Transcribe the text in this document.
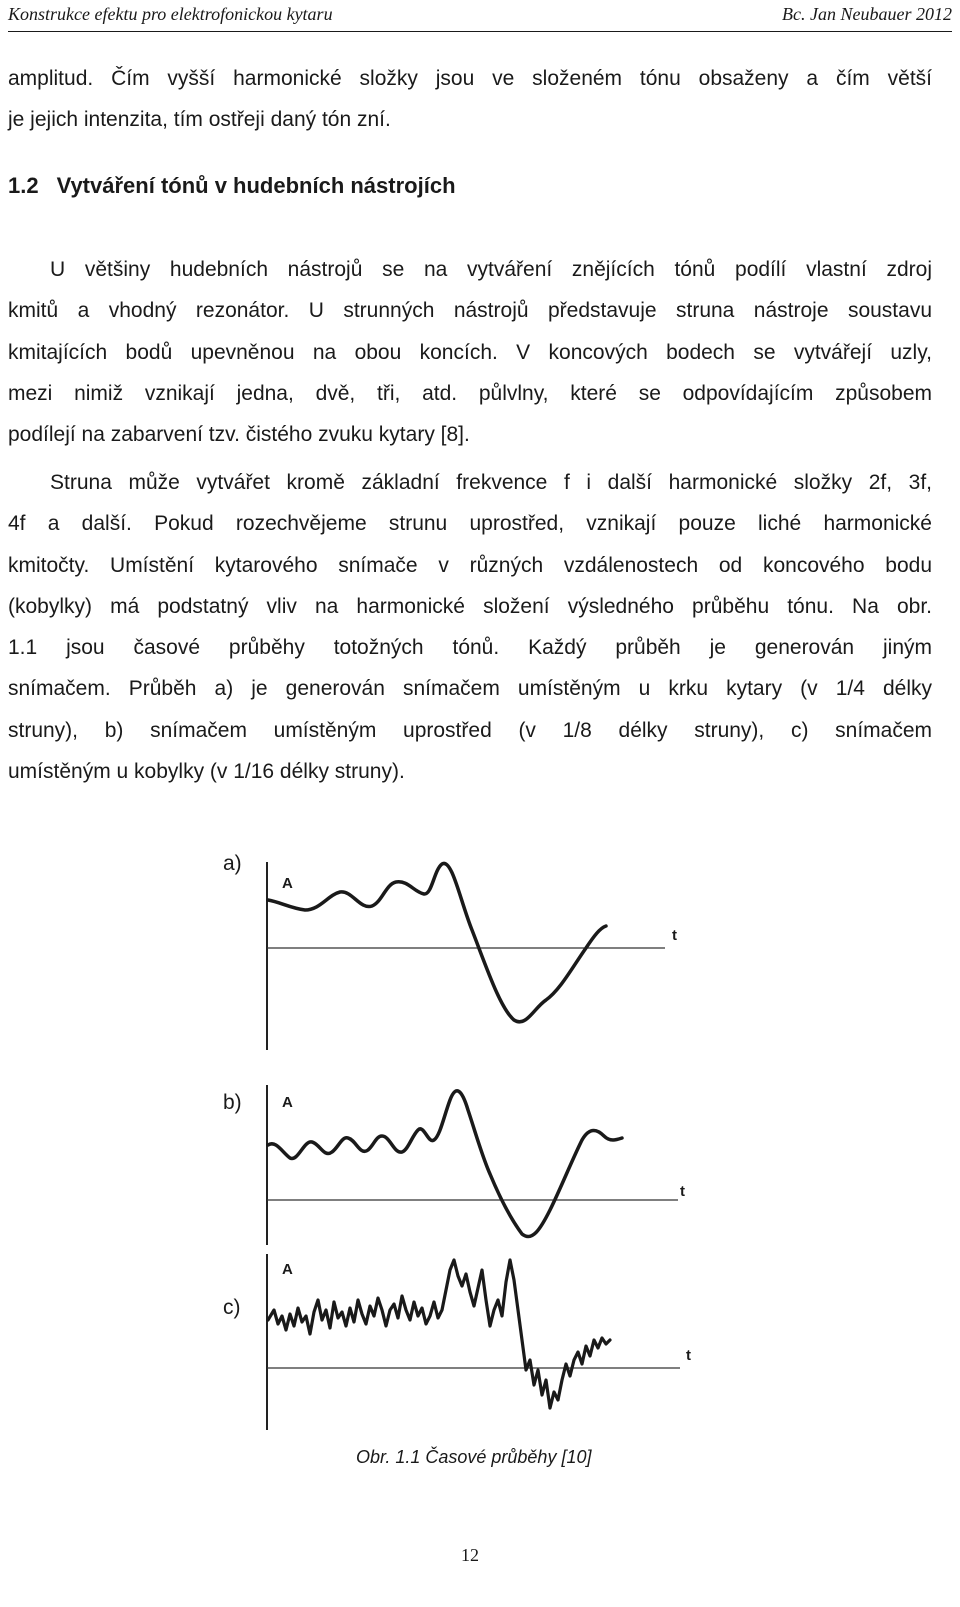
Konstrukce efektu pro elektrofonickou kytaru	Bc. Jan Neubauer 2012
amplitud. Čím vyšší harmonické složky jsou ve složeném tónu obsaženy a čím větší
je jejich intenzita, tím ostřeji daný tón zní.
1.2 Vytváření tónů v hudebních nástrojích
U většiny hudebních nástrojů se na vytváření znějících tónů podílí vlastní zdroj
kmitů a vhodný rezonátor. U strunných nástrojů představuje struna nástroje soustavu
kmitajících bodů upevněnou na obou koncích. V koncových bodech se vytvářejí uzly,
mezi nimiž vznikají jedna, dvě, tři, atd. půlvlny, které se odpovídajícím způsobem
podílejí na zabarvení tzv. čistého zvuku kytary [8].
Struna může vytvářet kromě základní frekvence f i další harmonické složky 2f, 3f,
4f a další. Pokud rozechvějeme strunu uprostřed, vznikají pouze liché harmonické
kmitočty. Umístění kytarového snímače v různých vzdálenostech od koncového bodu
(kobylky) má podstatný vliv na harmonické složení výsledného průběhu tónu. Na obr.
1.1 jsou časové průběhy totožných tónů. Každý průběh je generován jiným
snímačem. Průběh a) je generován snímačem umístěným u krku kytary (v 1/4 délky
struny), b) snímačem umístěným uprostřed (v 1/8 délky struny), c) snímačem
umístěným u kobylky (v 1/16 délky struny).
a)
A
t
b)	A
t
c)
A
t
Obr. 1.1 Časové průběhy [10]
12
